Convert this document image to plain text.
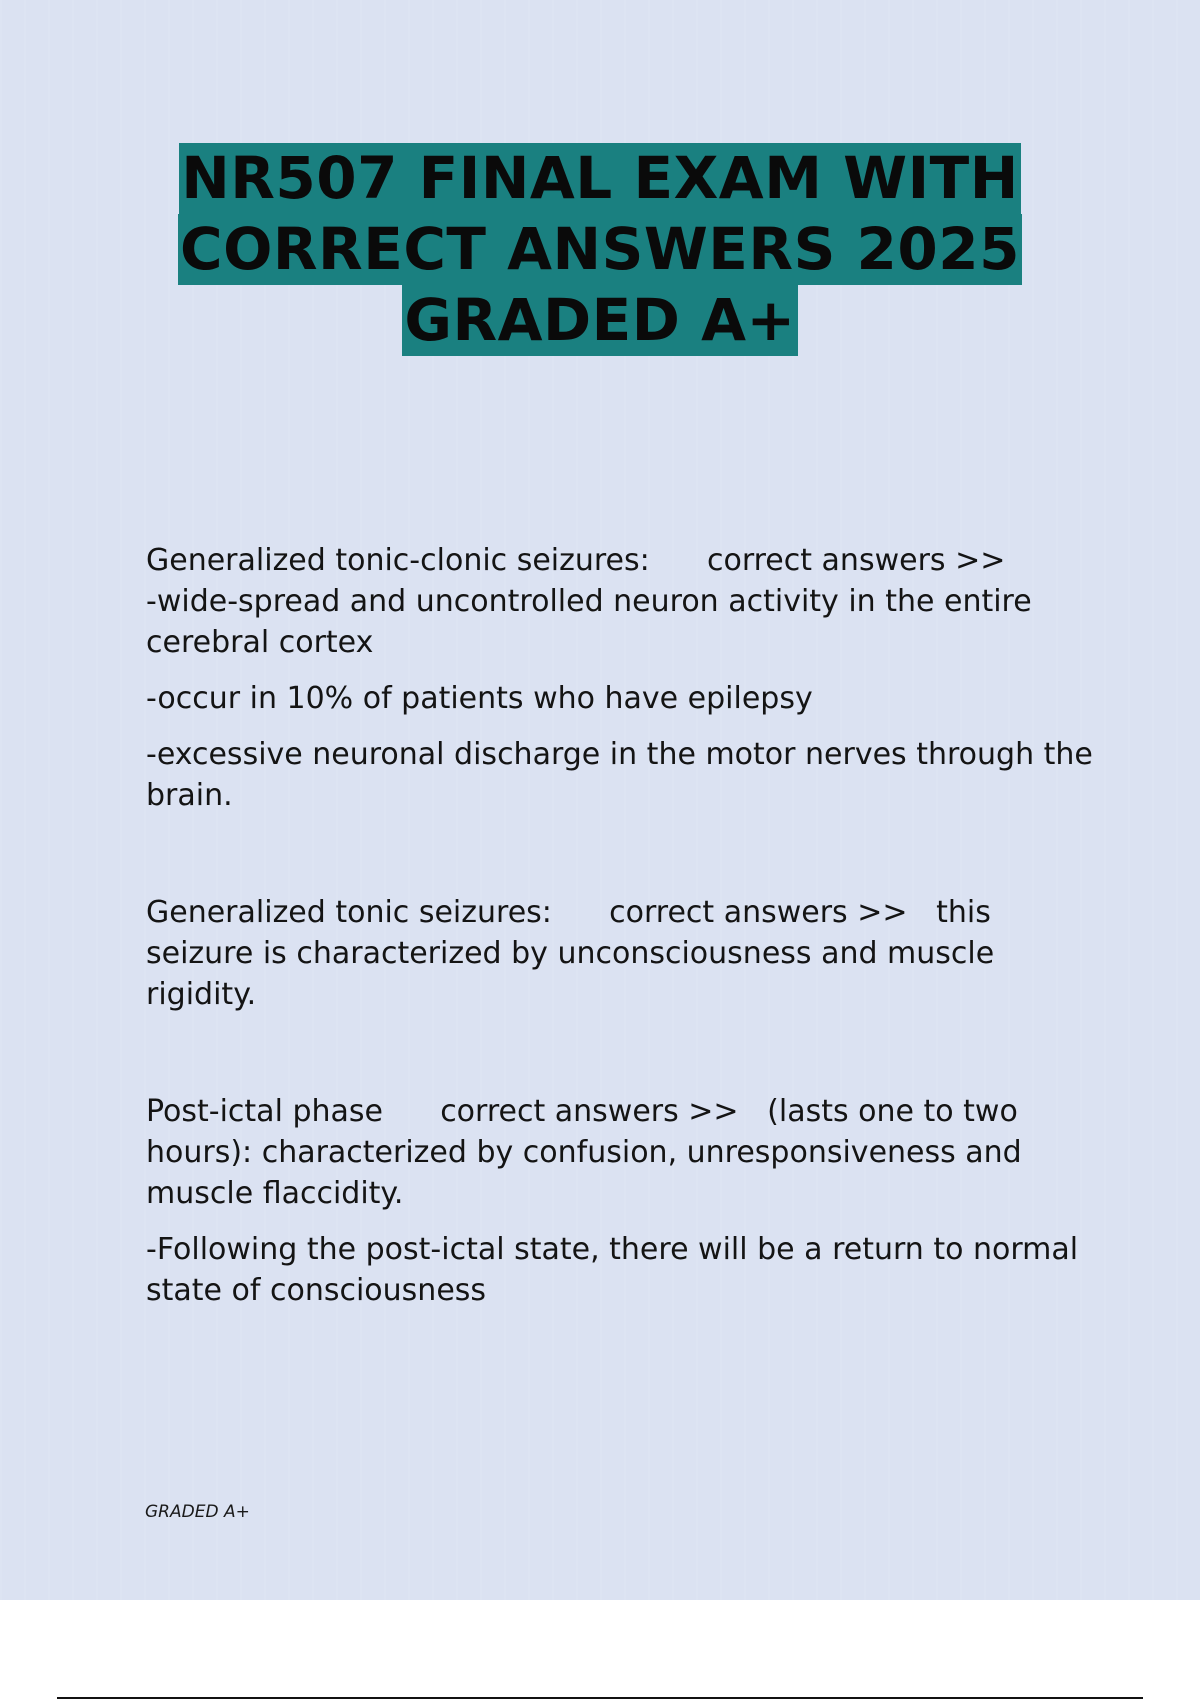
NR507 FINAL EXAM WITH
CORRECT ANSWERS 2025
GRADED A+

Generalized tonic-clonic seizures: correct answers >>
-wide-spread and uncontrolled neuron activity in the entire cerebral cortex

-occur in 10% of patients who have epilepsy

-excessive neuronal discharge in the motor nerves through the brain.

Generalized tonic seizures: correct answers >> this seizure is characterized by unconsciousness and muscle rigidity.

Post-ictal phase correct answers >> (lasts one to two hours): characterized by confusion, unresponsiveness and muscle flaccidity.

-Following the post-ictal state, there will be a return to normal state of consciousness

GRADED A+
